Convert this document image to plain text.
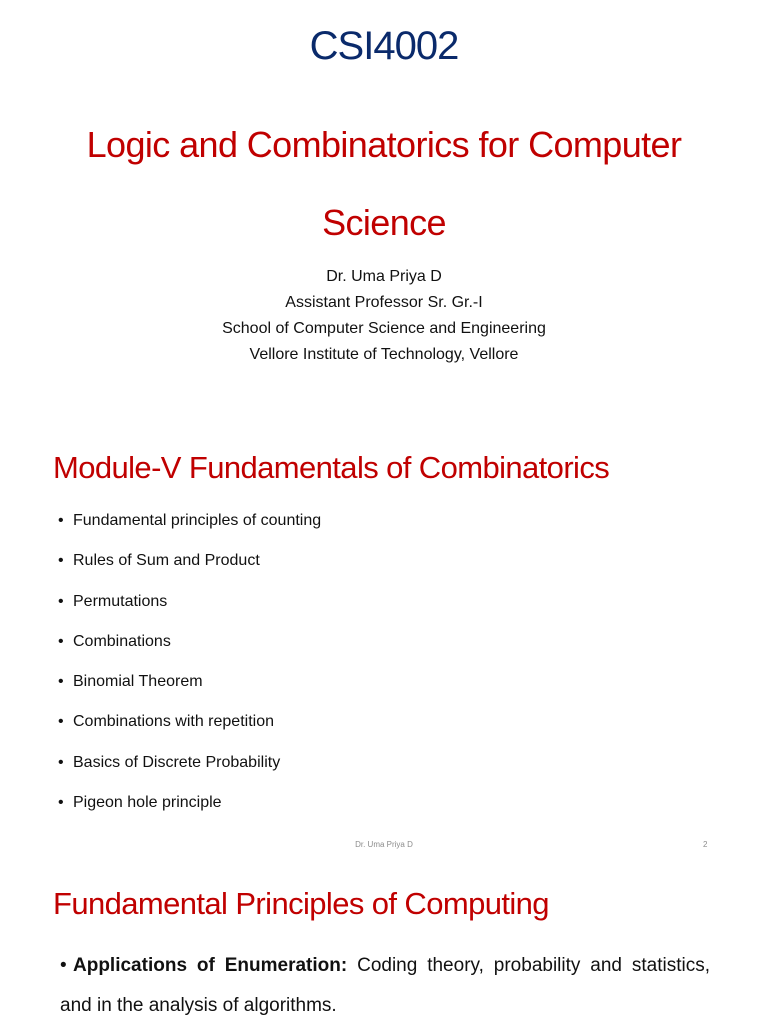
CSI4002
Logic and Combinatorics for Computer Science
Dr. Uma Priya D
Assistant Professor Sr. Gr.-I
School of Computer Science and Engineering
Vellore Institute of Technology, Vellore
Module-V Fundamentals of Combinatorics
• Fundamental principles of counting
• Rules of Sum and Product
• Permutations
• Combinations
• Binomial Theorem
• Combinations with repetition
• Basics of Discrete Probability
• Pigeon hole principle
Dr. Uma Priya D	2
Fundamental Principles of Computing
• Applications of Enumeration: Coding theory, probability and statistics, and in the analysis of algorithms.
